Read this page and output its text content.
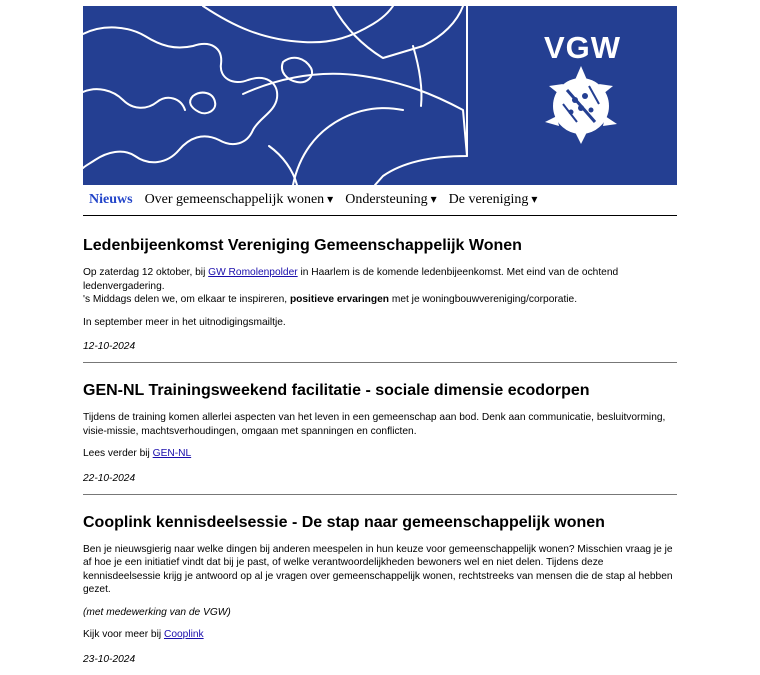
VGW
Nieuws Over gemeenschappelijk wonen ▾ Ondersteuning ▾ De vereniging ▾
Ledenbijeenkomst Vereniging Gemeenschappelijk Wonen

Op zaterdag 12 oktober, bij GW Romolenpolder in Haarlem is de komende ledenbijeenkomst. Met eind van de ochtend ledenvergadering.

's Middags delen we, om elkaar te inspireren, positieve ervaringen met je woningbouwvereniging/corporatie.

In september meer in het uitnodigingsmailtje.

12-10-2024
GEN-NL Trainingsweekend facilitatie - sociale dimensie ecodorpen

Tijdens de training komen allerlei aspecten van het leven in een gemeenschap aan bod. Denk aan communicatie, besluitvorming, visie-missie, machtsverhoudingen, omgaan met spanningen en conflicten.

Lees verder bij GEN-NL

22-10-2024
Cooplink kennisdeelsessie - De stap naar gemeenschappelijk wonen

Ben je nieuwsgierig naar welke dingen bij anderen meespelen in hun keuze voor gemeenschappelijk wonen? Misschien vraag je je af hoe je een initiatief vindt dat bij je past, of welke verantwoordelijkheden bewoners wel en niet delen. Tijdens deze kennisdeelsessie krijg je antwoord op al je vragen over gemeenschappelijk wonen, rechtstreeks van mensen die de stap al hebben gezet.

(met medewerking van de VGW)

Kijk voor meer bij Cooplink

23-10-2024
